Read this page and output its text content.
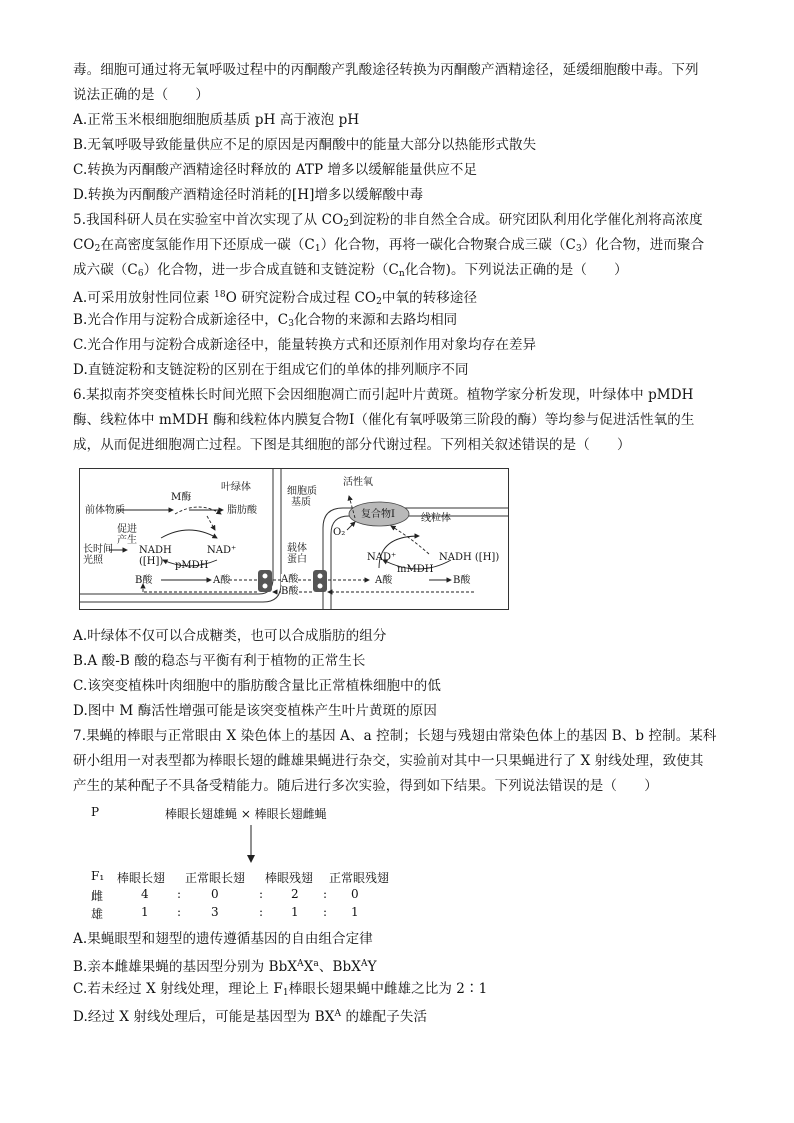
毒。细胞可通过将无氧呼吸过程中的丙酮酸产乳酸途径转换为丙酮酸产酒精途径，延缓细胞酸中毒。下列
说法正确的是（　　）
A.正常玉米根细胞细胞质基质 pH 高于液泡 pH
B.无氧呼吸导致能量供应不足的原因是丙酮酸中的能量大部分以热能形式散失
C.转换为丙酮酸产酒精途径时释放的 ATP 增多以缓解能量供应不足
D.转换为丙酮酸产酒精途径时消耗的[H]增多以缓解酸中毒
5.我国科研人员在实验室中首次实现了从 $CO_2$到淀粉的非自然全合成。研究团队利用化学催化剂将高浓度
$CO_2$在高密度氢能作用下还原成一碳$(C_1)$化合物，再将一碳化合物聚合成三碳$(C_3)$化合物，进而聚合
成六碳$(C_6)$化合物，进一步合成直链和支链淀粉（$C_n$化合物)。下列说法正确的是（　　）
A.可采用放射性同位素 $^{18}$O 研究淀粉合成过程 $CO_2$中氧的转移途径
B.光合作用与淀粉合成新途径中，$C_3$化合物的来源和去路均相同
C.光合作用与淀粉合成新途径中，能量转换方式和还原剂作用对象均存在差异
D.直链淀粉和支链淀粉的区别在于组成它们的单体的排列顺序不同
6.某拟南芥突变植株长时间光照下会因细胞凋亡而引起叶片黄斑。植物学家分析发现，叶绿体中 pMDH
酶、线粒体中 mMDH 酶和线粒体内膜复合物Ⅰ（催化有氧呼吸第三阶段的酶）等均参与促进活性氧的生
成，从而促进细胞凋亡过程。下图是其细胞的部分代谢过程。下列相关叙述错误的是（　　）
叶绿体
前体物质
M酶
脂肪酸
促进
产生
长时间
光照
NADH
([H])
NAD⁺
pMDH
B酸	A酸
细胞质
基质
载体
蛋白
A酸
B酸
活性氧
复合物Ⅰ
O₂
线粒体
NAD⁺	NADH ([H])
mMDH
A酸	B酸
A.叶绿体不仅可以合成糖类，也可以合成脂肪的组分
B.A 酸-B 酸的稳态与平衡有利于植物的正常生长
C.该突变植株叶肉细胞中的脂肪酸含量比正常植株细胞中的低
D.图中 M 酶活性增强可能是该突变植株产生叶片黄斑的原因
7.果蝇的棒眼与正常眼由 X 染色体上的基因 A、a 控制；长翅与残翅由常染色体上的基因 B、b 控制。某科
研小组用一对表型都为棒眼长翅的雌雄果蝇进行杂交，实验前对其中一只果蝇进行了 X 射线处理，致使其
产生的某种配子不具备受精能力。随后进行多次实验，得到如下结果。下列说法错误的是（　　）
P	棒眼长翅雄蝇 × 棒眼长翅雌蝇
F₁ 棒眼长翅 正常眼长翅 棒眼残翅 正常眼残翅
雌	4 : 0	: 2 : 0
雄	1 : 3	: 1 : 1
A.果蝇眼型和翅型的遗传遵循基因的自由组合定律
B.亲本雌雄果蝇的基因型分别为 $BbX^AX^a$、BbX$^A$Y
C.若未经过 X 射线处理，理论上 $F_1$棒眼长翅果蝇中雌雄之比为 2∶1
D.经过 X 射线处理后，可能是基因型为 $BX^A$ 的雄配子失活
